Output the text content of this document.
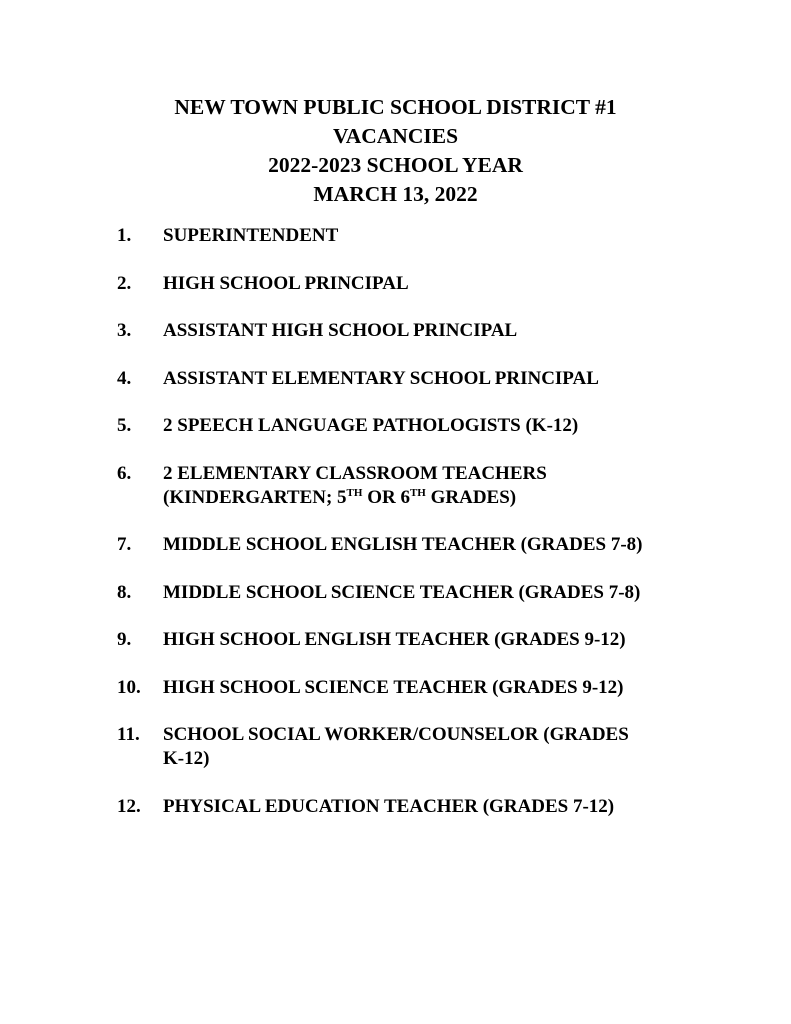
NEW TOWN PUBLIC SCHOOL DISTRICT #1
VACANCIES
2022-2023 SCHOOL YEAR
MARCH 13, 2022
1.	SUPERINTENDENT
2.	HIGH SCHOOL PRINCIPAL
3.	ASSISTANT HIGH SCHOOL PRINCIPAL
4.	ASSISTANT ELEMENTARY SCHOOL PRINCIPAL
5.	2 SPEECH LANGUAGE PATHOLOGISTS (K-12)
6.	2 ELEMENTARY CLASSROOM TEACHERS
(KINDERGARTEN; 5TH OR 6TH GRADES)
7.	MIDDLE SCHOOL ENGLISH TEACHER (GRADES 7-8)
8.	MIDDLE SCHOOL SCIENCE TEACHER (GRADES 7-8)
9.	HIGH SCHOOL ENGLISH TEACHER (GRADES 9-12)
10.	HIGH SCHOOL SCIENCE TEACHER (GRADES 9-12)
11.	SCHOOL SOCIAL WORKER/COUNSELOR (GRADES
K-12)
12.	PHYSICAL EDUCATION TEACHER (GRADES 7-12)
